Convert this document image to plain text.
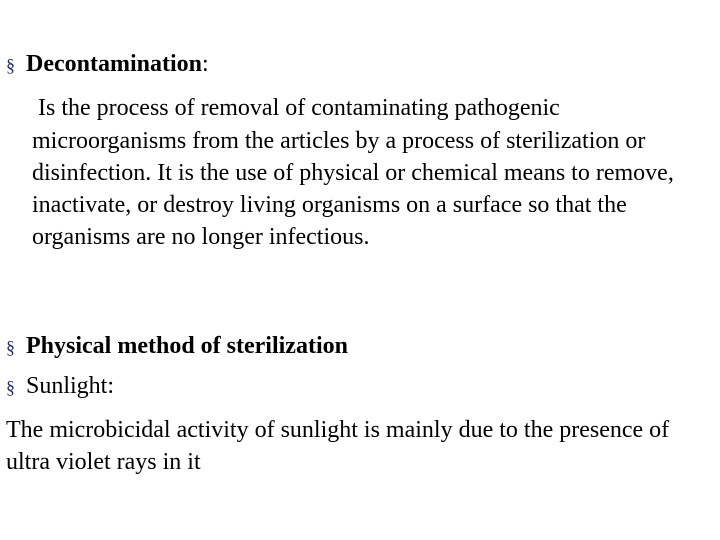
§ Decontamination:
Is the process of removal of contaminating pathogenic microorganisms from the articles by a process of sterilization or disinfection. It is the use of physical or chemical means to remove, inactivate, or destroy living organisms on a surface so that the organisms are no longer infectious.
§ Physical method of sterilization
§ Sunlight:
The microbicidal activity of sunlight is mainly due to the presence of ultra violet rays in it
